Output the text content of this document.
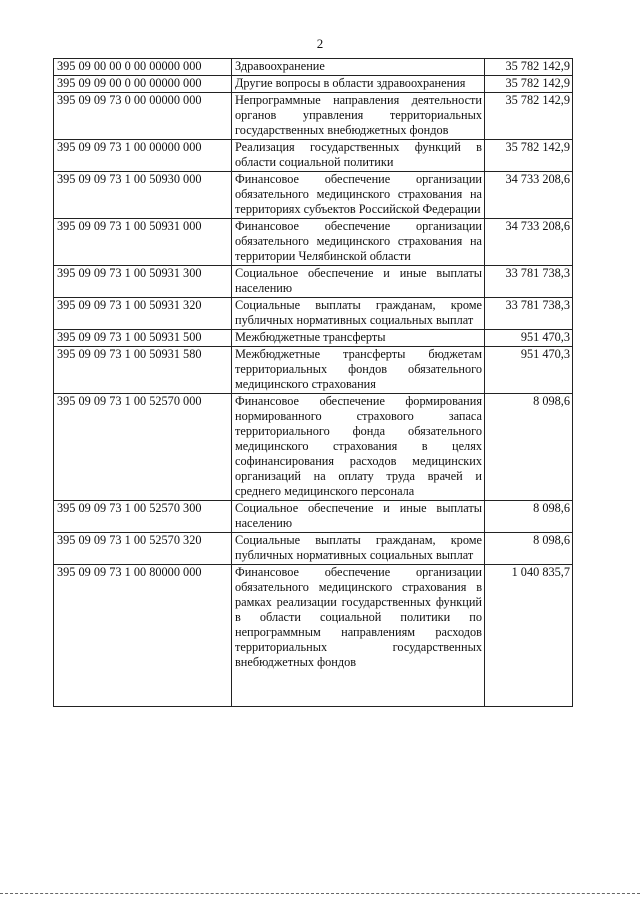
2
395 09 00 00 0 00 00000 000	Здравоохранение	35 782 142,9
395 09 09 00 0 00 00000 000	Другие вопросы в области здравоохранения	35 782 142,9
395 09 09 73 0 00 00000 000	Непрограммные направления деятельности органов управления территориальных государственных внебюджетных фондов	35 782 142,9
395 09 09 73 1 00 00000 000	Реализация государственных функций в области социальной политики	35 782 142,9
395 09 09 73 1 00 50930 000	Финансовое обеспечение организации обязательного медицинского страхования на территориях субъектов Российской Федерации	34 733 208,6
395 09 09 73 1 00 50931 000	Финансовое обеспечение организации обязательного медицинского страхования на территории Челябинской области	34 733 208,6
395 09 09 73 1 00 50931 300	Социальное обеспечение и иные выплаты населению	33 781 738,3
395 09 09 73 1 00 50931 320	Социальные выплаты гражданам, кроме публичных нормативных социальных выплат	33 781 738,3
395 09 09 73 1 00 50931 500	Межбюджетные трансферты	951 470,3
395 09 09 73 1 00 50931 580	Межбюджетные трансферты бюджетам территориальных фондов обязательного медицинского страхования	951 470,3
395 09 09 73 1 00 52570 000	Финансовое обеспечение формирования нормированного страхового запаса территориального фонда обязательного медицинского страхования в целях софинансирования расходов медицинских организаций на оплату труда врачей и среднего медицинского персонала	8 098,6
395 09 09 73 1 00 52570 300	Социальное обеспечение и иные выплаты населению	8 098,6
395 09 09 73 1 00 52570 320	Социальные выплаты гражданам, кроме публичных нормативных социальных выплат	8 098,6
395 09 09 73 1 00 80000 000	Финансовое обеспечение организации обязательного медицинского страхования в рамках реализации государственных функций в области социальной политики по непрограммным направлениям расходов территориальных государственных внебюджетных фондов	1 040 835,7
